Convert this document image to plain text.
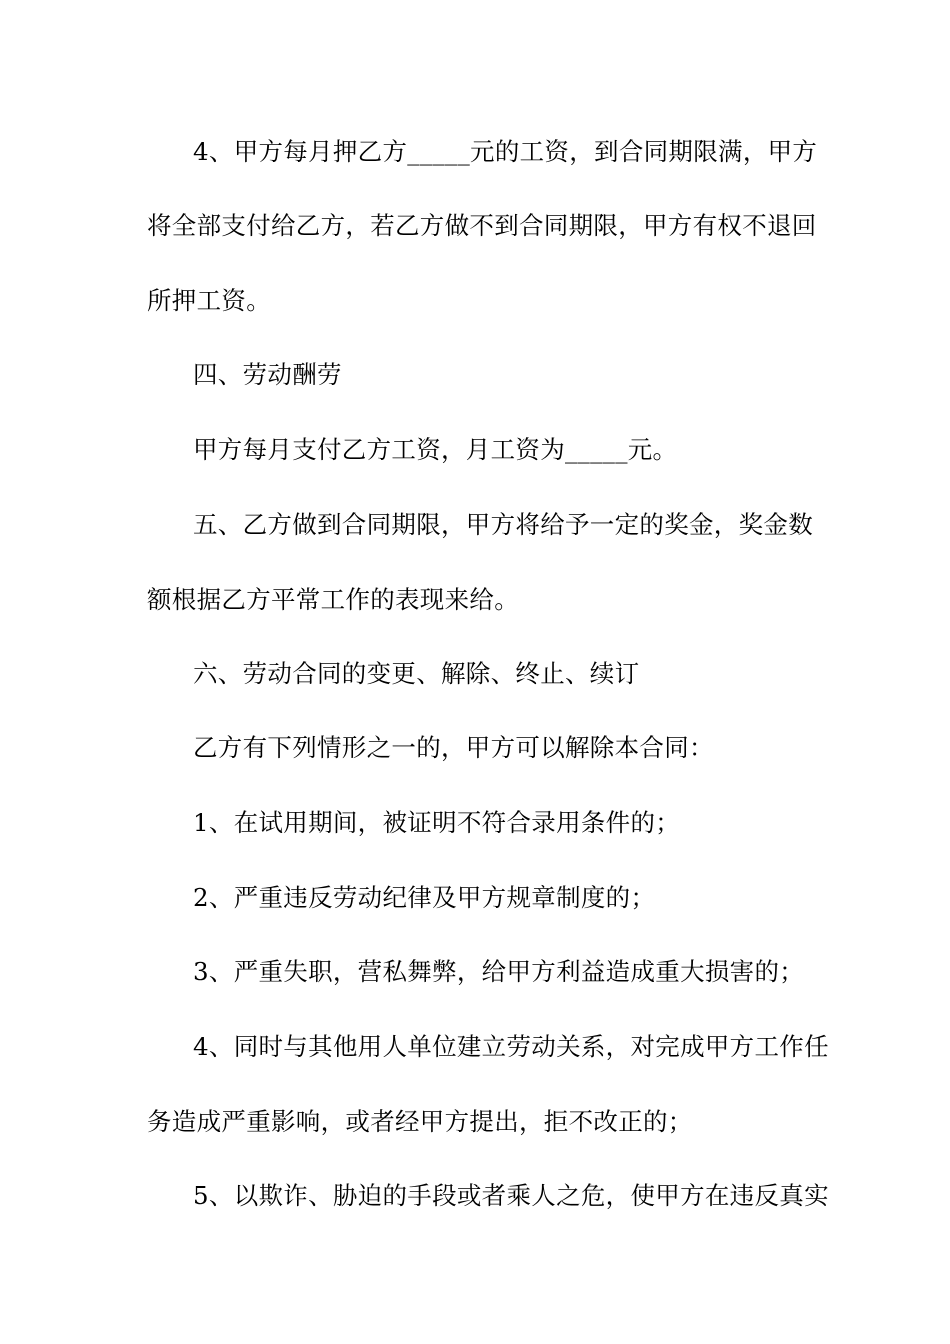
4、甲方每月押乙方_____元的工资，到合同期限满，甲方
将全部支付给乙方，若乙方做不到合同期限，甲方有权不退回
所押工资。
四、劳动酬劳
甲方每月支付乙方工资，月工资为_____元。
五、乙方做到合同期限，甲方将给予一定的奖金，奖金数
额根据乙方平常工作的表现来给。
六、劳动合同的变更、解除、终止、续订
乙方有下列情形之一的，甲方可以解除本合同：
1、在试用期间，被证明不符合录用条件的；
2、严重违反劳动纪律及甲方规章制度的；
3、严重失职，营私舞弊，给甲方利益造成重大损害的；
4、同时与其他用人单位建立劳动关系，对完成甲方工作任
务造成严重影响，或者经甲方提出，拒不改正的；
5、以欺诈、胁迫的手段或者乘人之危，使甲方在违反真实
